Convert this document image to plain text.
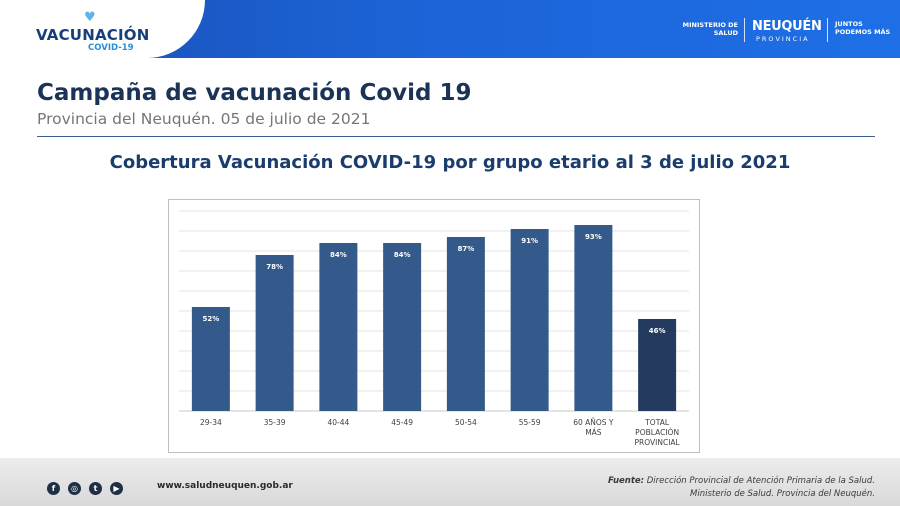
♥
VACUNACIÓN
COVID-19
MINISTERIO DE SALUD NEUQUÉN
PROVINCIA
JUNTOS PODEMOS MÁS
Campaña de vacunación Covid 19
Provincia del Neuquén. 05 de julio de 2021
Cobertura Vacunación COVID-19 por grupo etario al 3 de julio 2021
52%
29-34
78%
35-39
84%
40-44
84%
45-49
87%
50-54
91%
55-59
93%
60 AÑOS Y
MÁS
46%
TOTAL
POBLACIÓN
PROVINCIAL
f	◎	t	▶	www.saludneuquen.gob.ar	Fuente: Dirección Provincial de Atención Primaria de la Salud.
Ministerio de Salud. Provincia del Neuquén.
